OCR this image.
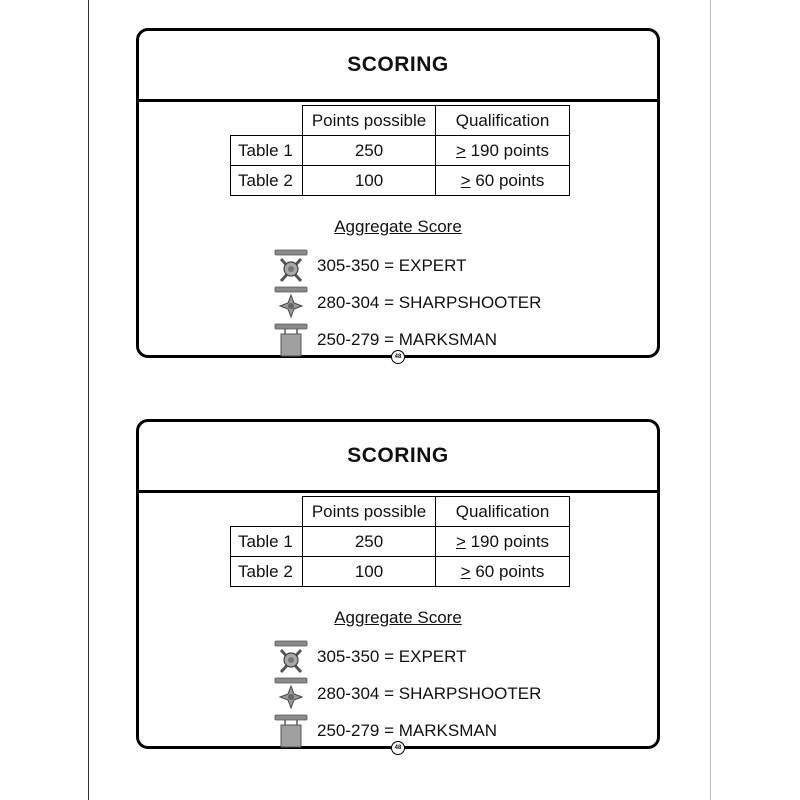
SCORING
	Points possible	Qualification
Table 1	250	≥ 190 points
Table 2	100	≥ 60 points
Aggregate Score
305-350 = EXPERT
280-304 = SHARPSHOOTER
250-279 = MARKSMAN
48
SCORING
	Points possible	Qualification
Table 1	250	≥ 190 points
Table 2	100	≥ 60 points
Aggregate Score
305-350 = EXPERT
280-304 = SHARPSHOOTER
250-279 = MARKSMAN
48
